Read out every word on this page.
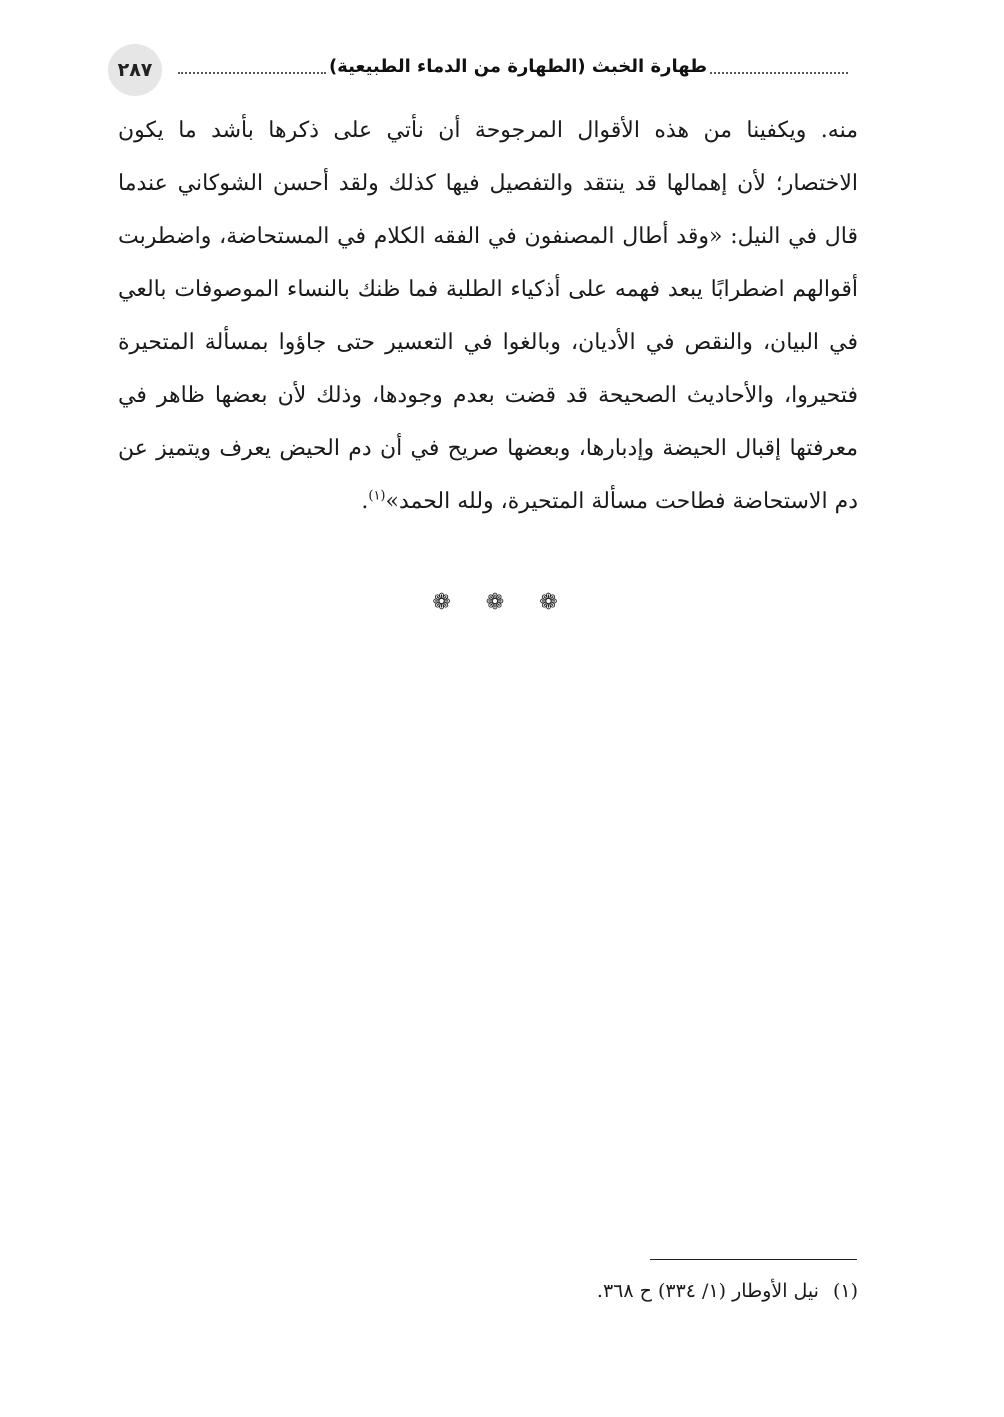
٢٨٧	طهارة الخبث (الطهارة من الدماء الطبيعية)

منه. ويكفينا من هذه الأقوال المرجوحة أن نأتي على ذكرها بأشد ما يكون الاختصار؛ لأن إهمالها قد ينتقد والتفصيل فيها كذلك ولقد أحسن الشوكاني عندما قال في النيل: «وقد أطال المصنفون في الفقه الكلام في المستحاضة، واضطربت أقوالهم اضطرابًا يبعد فهمه على أذكياء الطلبة فما ظنك بالنساء الموصوفات بالعي في البيان، والنقص في الأديان، وبالغوا في التعسير حتى جاؤوا بمسألة المتحيرة فتحيروا، والأحاديث الصحيحة قد قضت بعدم وجودها، وذلك لأن بعضها ظاهر في معرفتها إقبال الحيضة وإدبارها، وبعضها صريح في أن دم الحيض يعرف ويتميز عن دم الاستحاضة فطاحت مسألة المتحيرة، ولله الحمد»$^{(١)}$.

❁ ❁ ❁
(١)نيل الأوطار (١/ ٣٣٤) ح ٣٦٨.
